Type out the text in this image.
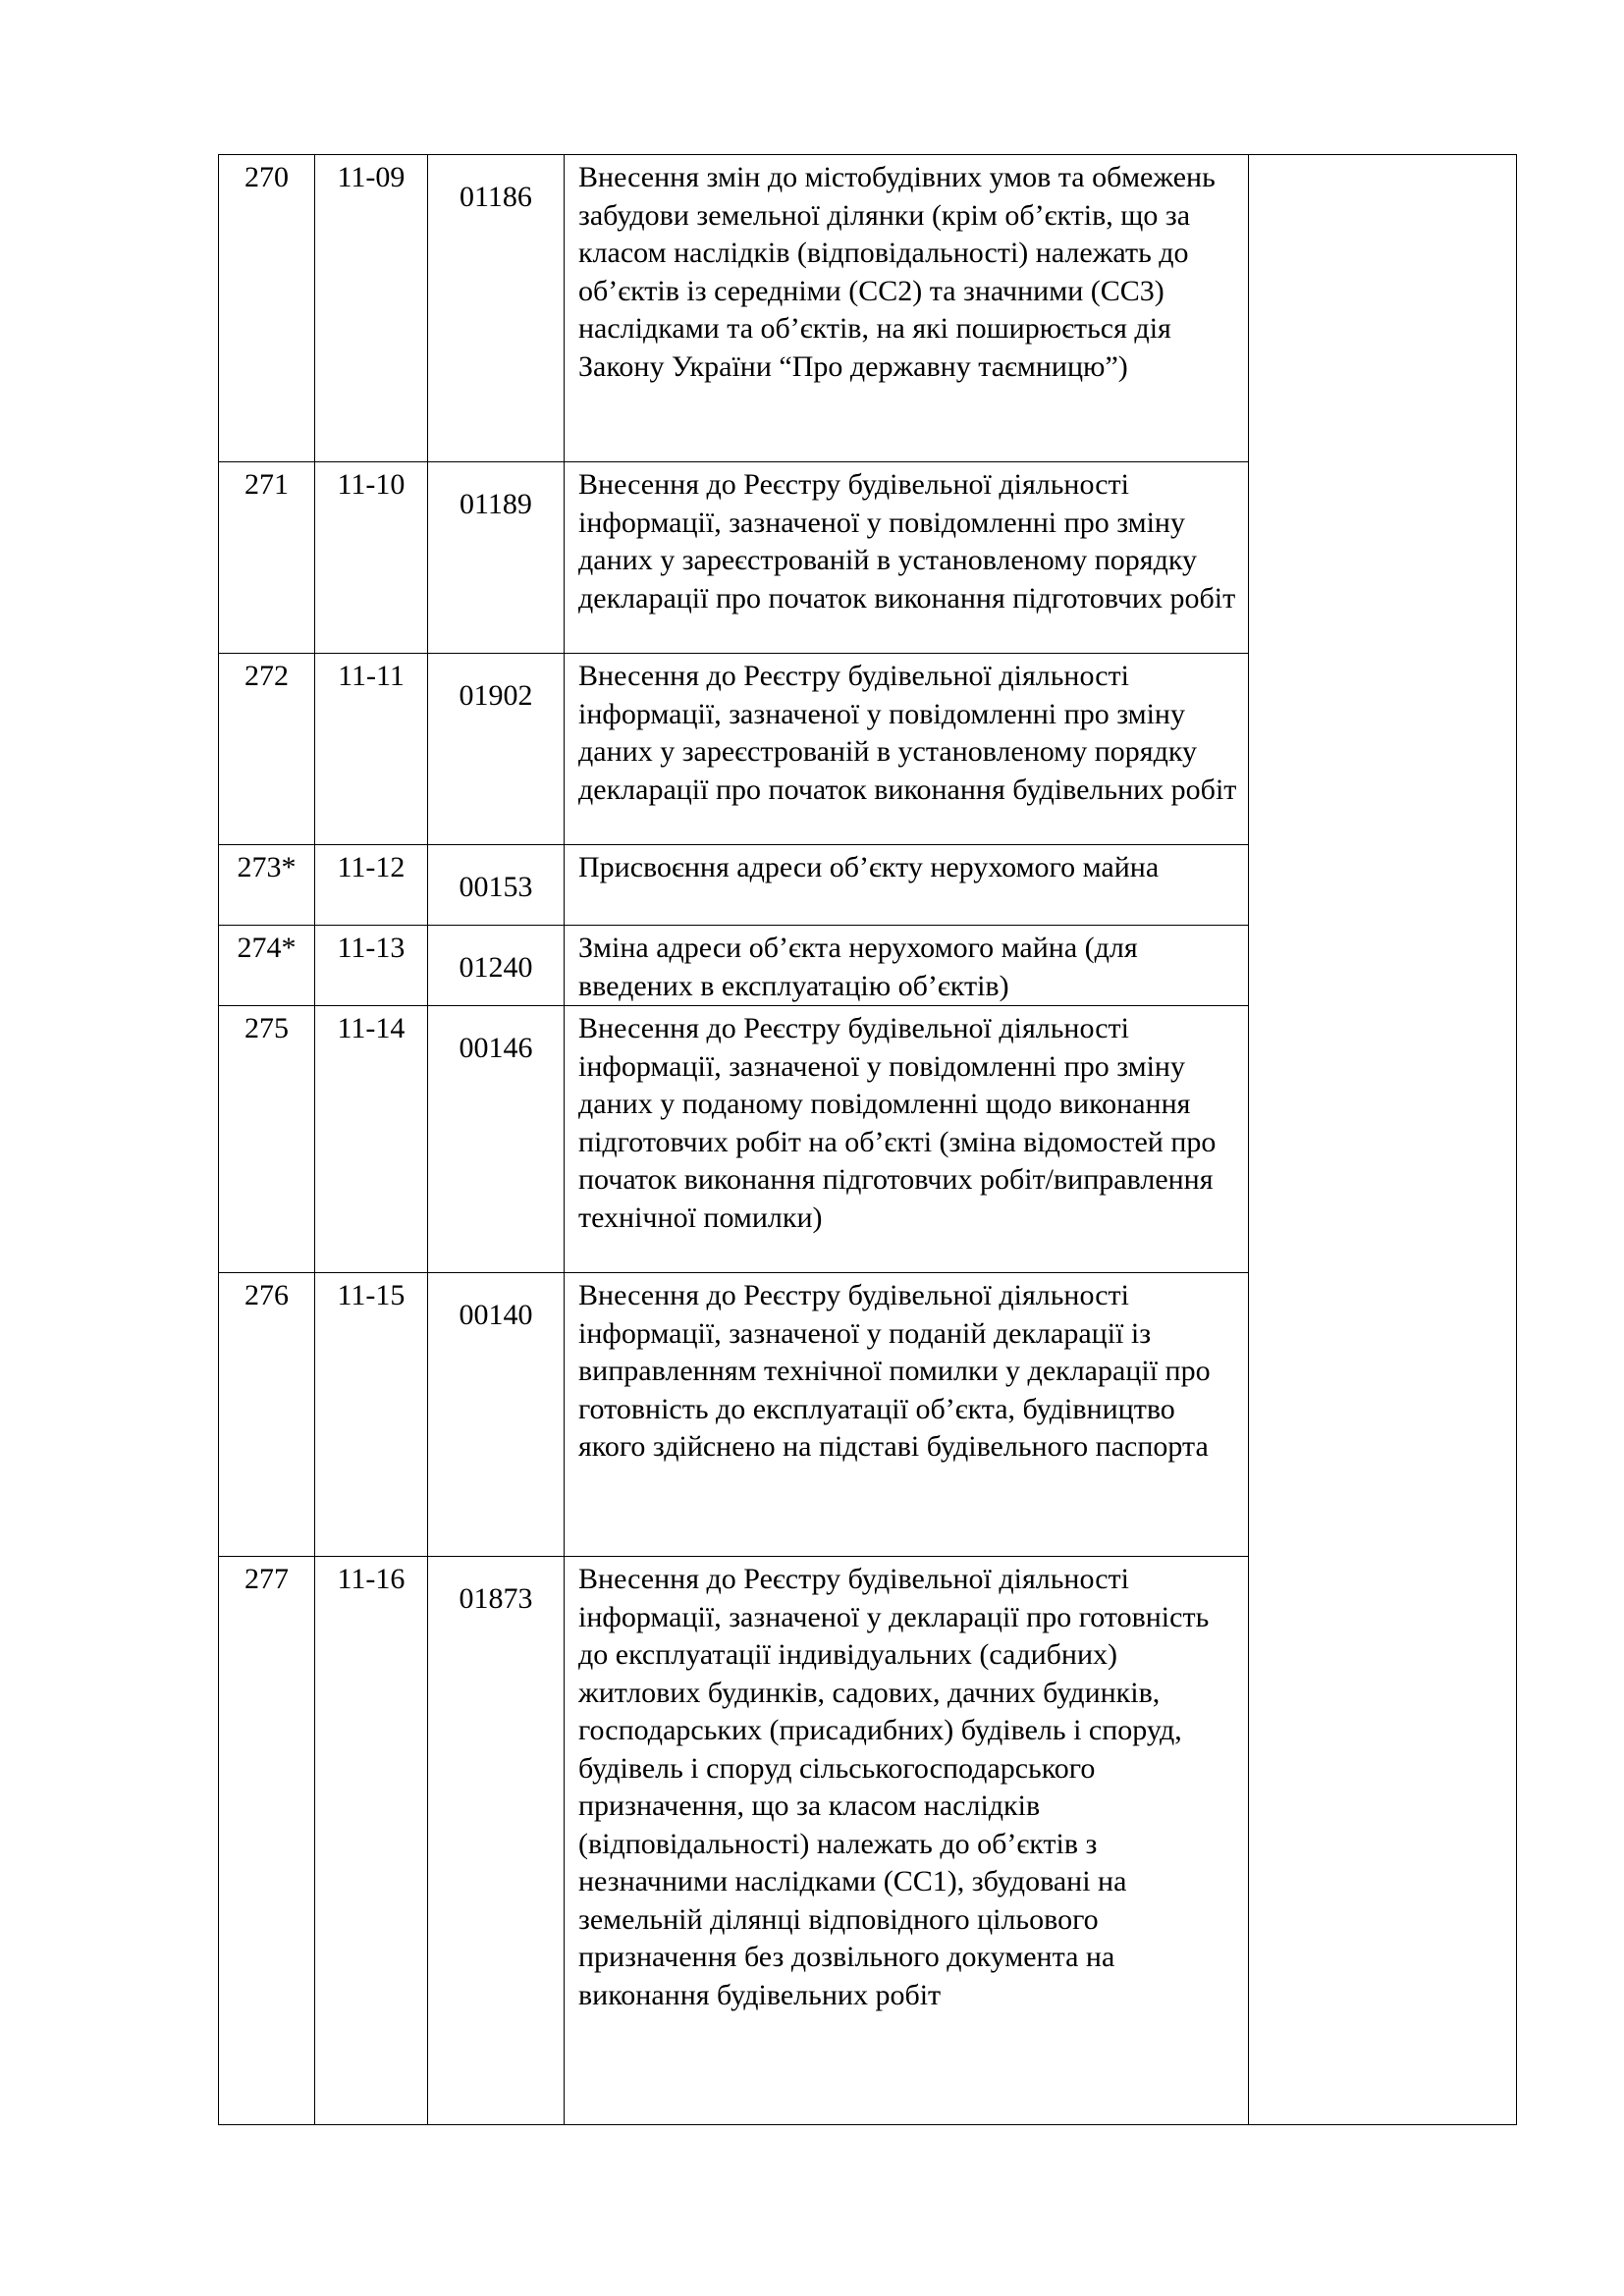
270	11-09	01186	Внесення змін до містобудівних умов та обмежень забудови земельної ділянки (крім об’єктів, що за класом наслідків (відповідальності) належать до об’єктів із середніми (СС2) та значними (СС3) наслідками та об’єктів, на які поширюється дія Закону України “Про державну таємницю”)	
271	11-10	01189	Внесення до Реєстру будівельної діяльності інформації, зазначеної у повідомленні про зміну даних у зареєстрованій в установленому порядку декларації про початок виконання підготовчих робіт	
272	11-11	01902	Внесення до Реєстру будівельної діяльності інформації, зазначеної у повідомленні про зміну даних у зареєстрованій в установленому порядку декларації про початок виконання будівельних робіт	
273*	11-12	00153	Присвоєння адреси об’єкту нерухомого майна	
274*	11-13	01240	Зміна адреси об’єкта нерухомого майна (для введених в експлуатацію об’єктів)	
275	11-14	00146	Внесення до Реєстру будівельної діяльності інформації, зазначеної у повідомленні про зміну даних у поданому повідомленні щодо виконання підготовчих робіт на об’єкті (зміна відомостей про початок виконання підготовчих робіт/виправлення технічної помилки)	
276	11-15	00140	Внесення до Реєстру будівельної діяльності інформації, зазначеної у поданій декларації із виправленням технічної помилки у декларації про готовність до експлуатації об’єкта, будівництво якого здійснено на підставі будівельного паспорта	
277	11-16	01873	Внесення до Реєстру будівельної діяльності інформації, зазначеної у декларації про готовність до експлуатації індивідуальних (садибних) житлових будинків, садових, дачних будинків, господарських (присадибних) будівель і споруд, будівель і споруд сільськогосподарського призначення, що за класом наслідків (відповідальності) належать до об’єктів з незначними наслідками (СС1), збудовані на земельній ділянці відповідного цільового призначення без дозвільного документа на виконання будівельних робіт	
